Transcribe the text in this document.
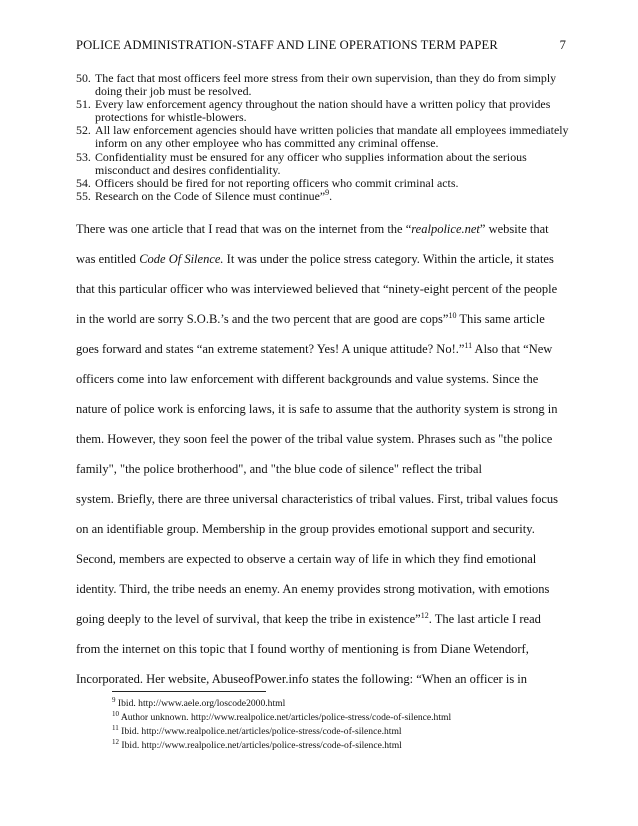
POLICE ADMINISTRATION-STAFF AND LINE OPERATIONS TERM PAPER	7
50. The fact that most officers feel more stress from their own supervision, than they do from simply doing their job must be resolved.
51. Every law enforcement agency throughout the nation should have a written policy that provides protections for whistle-blowers.
52. All law enforcement agencies should have written policies that mandate all employees immediately inform on any other employee who has committed any criminal offense.
53. Confidentiality must be ensured for any officer who supplies information about the serious misconduct and desires confidentiality.
54. Officers should be fired for not reporting officers who commit criminal acts.
55. Research on the Code of Silence must continue”$^9$.
There was one article that I read that was on the internet from the “realpolice.net” website that
was entitled Code Of Silence. It was under the police stress category. Within the article, it states
that this particular officer who was interviewed believed that “ninety-eight percent of the people
in the world are sorry S.O.B.’s and the two percent that are good are cops”$^{10}$ This same article
goes forward and states “an extreme statement? Yes! A unique attitude? No!.”$^{11}$ Also that “New
officers come into law enforcement with different backgrounds and value systems. Since the
nature of police work is enforcing laws, it is safe to assume that the authority system is strong in
them. However, they soon feel the power of the tribal value system. Phrases such as "the police
family", "the police brotherhood", and "the blue code of silence" reflect the tribal
system. Briefly, there are three universal characteristics of tribal values. First, tribal values focus
on an identifiable group. Membership in the group provides emotional support and security.
Second, members are expected to observe a certain way of life in which they find emotional
identity. Third, the tribe needs an enemy. An enemy provides strong motivation, with emotions
going deeply to the level of survival, that keep the tribe in existence”$^{12}$. The last article I read
from the internet on this topic that I found worthy of mentioning is from Diane Wetendorf,
Incorporated. Her website, AbuseofPower.info states the following: “When an officer is in
$^9$ Ibid. http://www.aele.org/loscode2000.html
$^{10}$ Author unknown. http://www.realpolice.net/articles/police-stress/code-of-silence.html
$^{11}$ Ibid. http://www.realpolice.net/articles/police-stress/code-of-silence.html
$^{12}$ Ibid. http://www.realpolice.net/articles/police-stress/code-of-silence.html
